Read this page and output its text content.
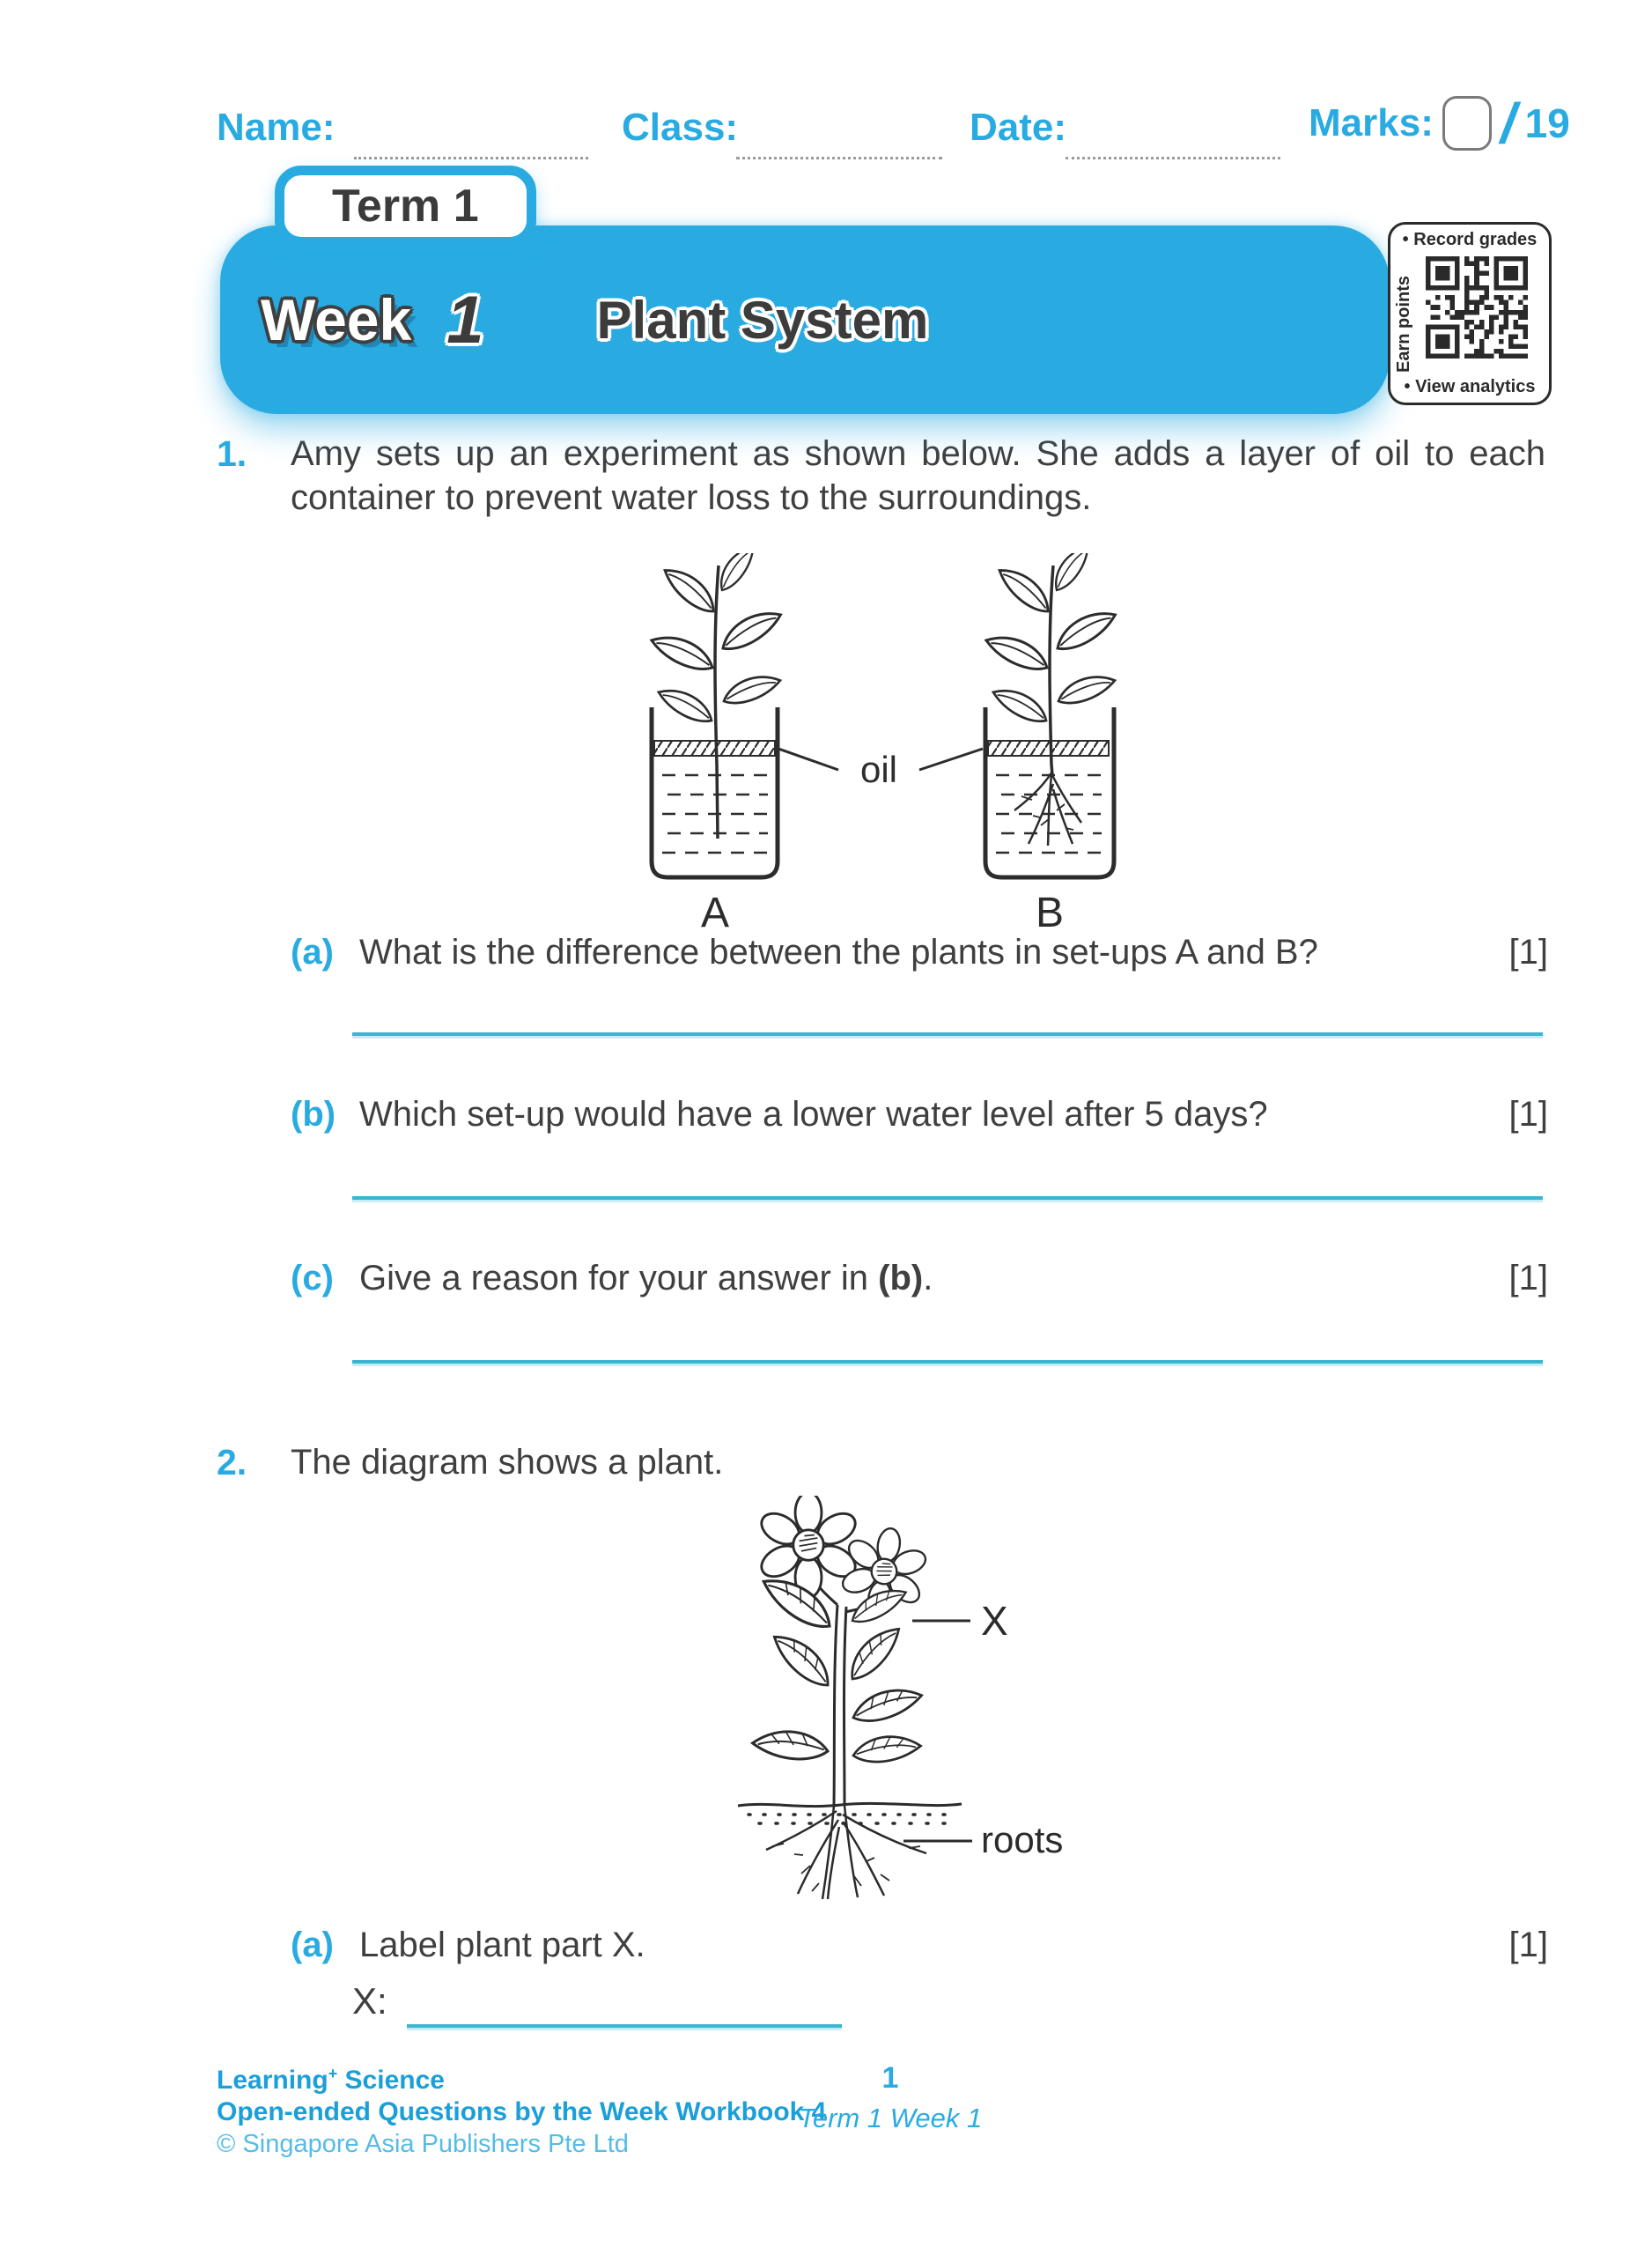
Name:	Class:	Date:	Marks: / 19
Term 1
Week 1 Plant System
• Record grades
Earn points
• View analytics
1.	Amy sets up an experiment as shown below. She adds a layer of oil to each container to prevent water loss to the surroundings.
A	B
oil
(a) What is the difference between the plants in set-ups A and B?	[1]
(b) Which set-up would have a lower water level after 5 days?	[1]
(c) Give a reason for your answer in (b).	[1]
2.	The diagram shows a plant.
X
roots
(a) Label plant part X.	[1]
X:
Learning+ Science
Open-ended Questions by the Week Workbook 4
© Singapore Asia Publishers Pte Ltd
1
Term 1 Week 1
